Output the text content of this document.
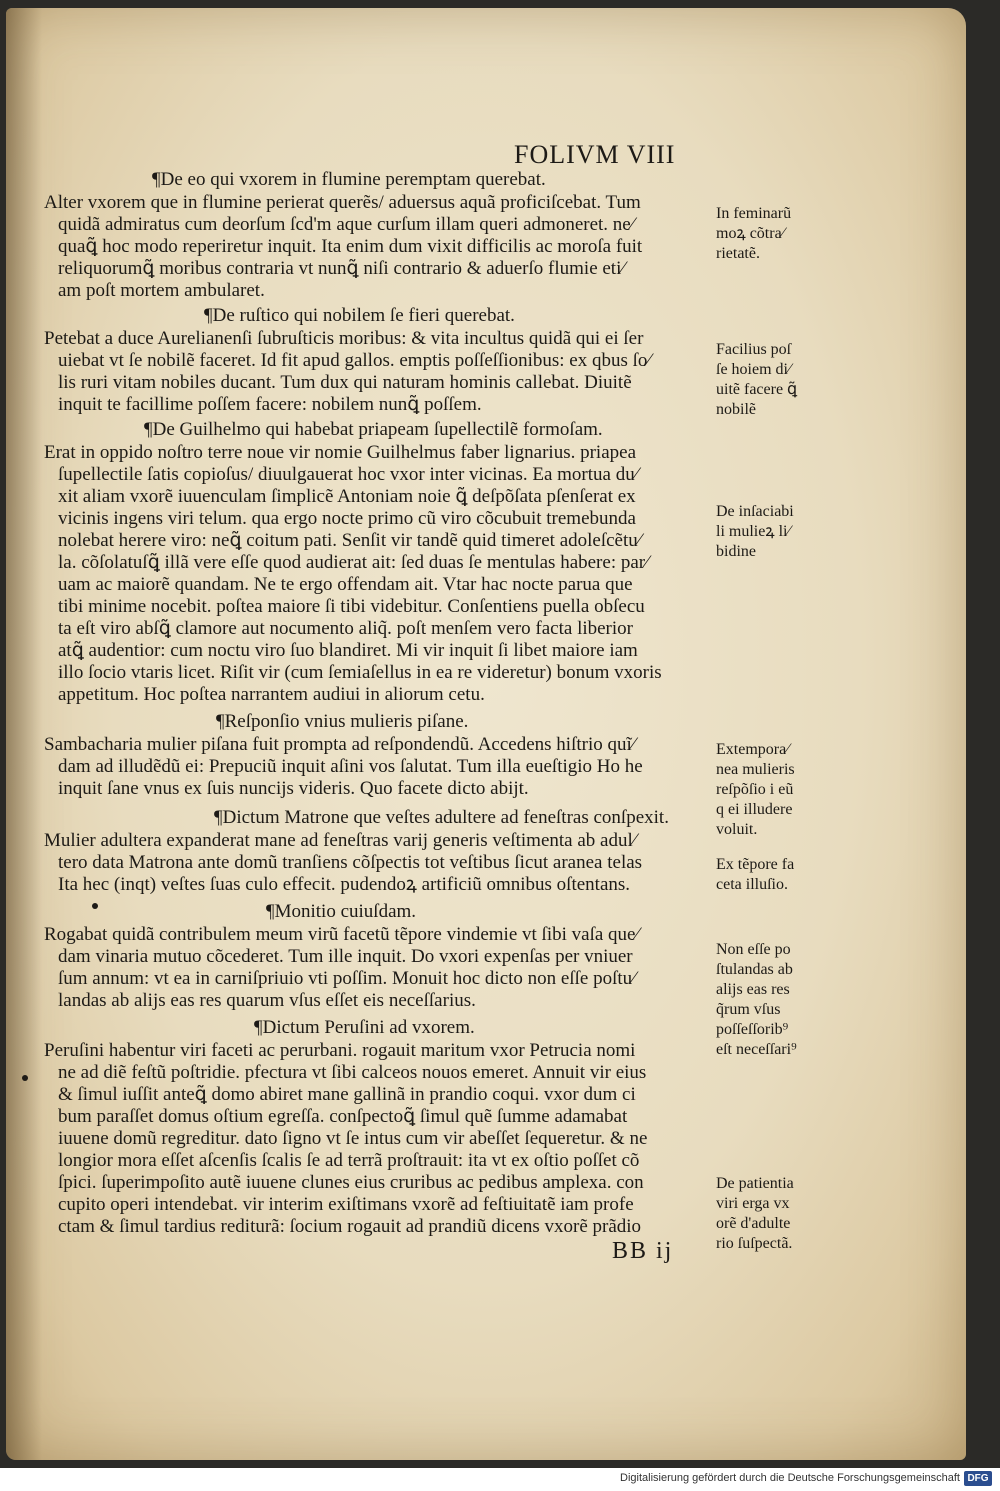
FOLIVM VIII
¶De eo qui vxorem in flumine peremptam querebat.

Alter vxorem que in flumine perierat querẽs/ aduersus aquã proficiſcebat. Tum

quidã admiratus cum deorſum ſcd'm aque curſum illam queri admoneret. ne⁄

quaꝗ̃ hoc modo reperiretur inquit. Ita enim dum vixit difficilis ac moroſa fuit

reliquorumꝗ̃ moribus contraria vt nunꝗ̃ niſi contrario & aduerſo flumie eti⁄

am poſt mortem ambularet.

¶De ruſtico qui nobilem ſe fieri querebat.

Petebat a duce Aurelianenſi ſubruſticis moribus: & vita incultus quidã qui ei ſer

uiebat vt ſe nobilẽ faceret. Id fit apud gallos. emptis poſſeſſionibus: ex qbus ſo⁄

lis ruri vitam nobiles ducant. Tum dux qui naturam hominis callebat. Diuitẽ

inquit te facillime poſſem facere: nobilem nunꝗ̃ poſſem.

¶De Guilhelmo qui habebat priapeam ſupellectilẽ formoſam.

Erat in oppido noſtro terre noue vir nomie Guilhelmus faber lignarius. priapea

ſupellectile ſatis copioſus/ diuulgauerat hoc vxor inter vicinas. Ea mortua du⁄

xit aliam vxorẽ iuuenculam ſimplicẽ Antoniam noie ꝗ̃ deſpõſata pſenſerat ex

vicinis ingens viri telum. qua ergo nocte primo cũ viro cõcubuit tremebunda

nolebat herere viro: neꝗ̃ coitum pati. Senſit vir tandẽ quid timeret adoleſcẽtu⁄

la. cõſolatuſꝗ̃ illã vere eſſe quod audierat ait: ſed duas ſe mentulas habere: par⁄

uam ac maiorẽ quandam. Ne te ergo offendam ait. Vtar hac nocte parua que

tibi minime nocebit. poſtea maiore ſi tibi videbitur. Conſentiens puella obſecu

ta eſt viro abſꝗ̃ clamore aut nocumento aliq̃. poſt menſem vero facta liberior

atꝗ̃ audentior: cum noctu viro ſuo blandiret. Mi vir inquit ſi libet maiore iam

illo ſocio vtaris licet. Riſit vir (cum ſemiaſellus in ea re videretur) bonum vxoris

appetitum. Hoc poſtea narrantem audiui in aliorum cetu.

¶Reſponſio vnius mulieris piſane.

Sambacharia mulier piſana fuit prompta ad reſpondendũ. Accedens hiſtrio quĩ⁄

dam ad illudẽdũ ei: Prepuciũ inquit aſini vos ſalutat. Tum illa eueſtigio Ho he

inquit ſane vnus ex ſuis nuncijs videris. Quo facete dicto abijt.

¶Dictum Matrone que veſtes adultere ad feneſtras conſpexit.

Mulier adultera expanderat mane ad feneſtras varij generis veſtimenta ab adul⁄

tero data Matrona ante domũ tranſiens cõſpectis tot veſtibus ſicut aranea telas

Ita hec (inqt) veſtes ſuas culo effecit. pudendoꝝ artificiũ omnibus oſtentans.

¶Monitio cuiuſdam.

Rogabat quidã contribulem meum virũ facetũ tẽpore vindemie vt ſibi vaſa que⁄

dam vinaria mutuo cõcederet. Tum ille inquit. Do vxori expenſas per vniuer

ſum annum: vt ea in carniſpriuio vti poſſim. Monuit hoc dicto non eſſe poſtu⁄

landas ab alijs eas res quarum vſus eſſet eis neceſſarius.

¶Dictum Peruſini ad vxorem.

Peruſini habentur viri faceti ac perurbani. rogauit maritum vxor Petrucia nomi

ne ad diẽ feſtũ poſtridie. pfectura vt ſibi calceos nouos emeret. Annuit vir eius

& ſimul iuſſit anteꝗ̃ domo abiret mane gallinã in prandio coqui. vxor dum ci

bum paraſſet domus oſtium egreſſa. conſpectoꝗ̃ ſimul quẽ ſumme adamabat

iuuene domũ regreditur. dato ſigno vt ſe intus cum vir abeſſet ſequeretur. & ne

longior mora eſſet aſcenſis ſcalis ſe ad terrã proſtrauit: ita vt ex oſtio poſſet cõ

ſpici. ſuperimpoſito autẽ iuuene clunes eius cruribus ac pedibus amplexa. con

cupito operi intendebat. vir interim exiſtimans vxorẽ ad feſtiuitatẽ iam profe

ctam & ſimul tardius rediturã: ſocium rogauit ad prandiũ dicens vxorẽ prãdio

In feminarũ
moꝝ cõtra⁄
rietatẽ.
Facilius poſ
ſe hoiem di⁄
uitẽ facere ꝗ̃
nobilẽ
De inſaciabi
li mulieꝝ li⁄
bidine
Extempora⁄
nea mulieris
reſpõſio i eũ
q ei illudere
voluit.
Ex tẽpore fa
ceta illuſio.
Non eſſe po
ſtulandas ab
alijs eas res
q̃rum vſus
poſſeſſorib⁹
eſt neceſſari⁹
De patientia
viri erga vx
orẽ d'adulte
rio ſuſpectã.
BB ij
Digitalisierung gefördert durch die Deutsche Forschungsgemeinschaft DFG
